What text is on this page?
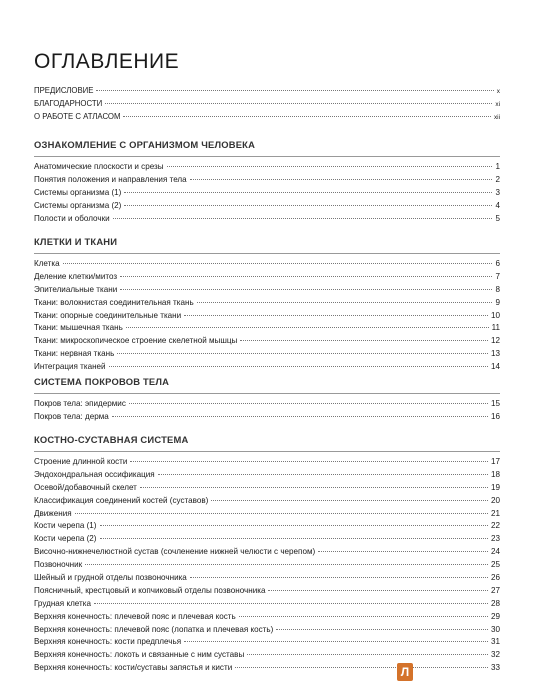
ОГЛАВЛЕНИЕ
ПРЕДИСЛОВИЕ	x
БЛАГОДАРНОСТИ	xi
О РАБОТЕ С АТЛАСОМ	xii
ОЗНАКОМЛЕНИЕ С ОРГАНИЗМОМ ЧЕЛОВЕКА
Анатомические плоскости и срезы	1
Понятия положения и направления тела	2
Системы организма (1)	3
Системы организма (2)	4
Полости и оболочки	5
КЛЕТКИ И ТКАНИ
Клетка	6
Деление клетки/митоз	7
Эпителиальные ткани	8
Ткани: волокнистая соединительная ткань	9
Ткани: опорные соединительные ткани	10
Ткани: мышечная ткань	11
Ткани: микроскопическое строение скелетной мышцы	12
Ткани: нервная ткань	13
Интеграция тканей	14
СИСТЕМА ПОКРОВОВ ТЕЛА
Покров тела: эпидермис	15
Покров тела: дерма	16
КОСТНО-СУСТАВНАЯ СИСТЕМА
Строение длинной кости	17
Эндохондральная оссификация	18
Осевой/добавочный скелет	19
Классификация соединений костей (суставов)	20
Движения	21
Кости черепа (1)	22
Кости черепа (2)	23
Височно-нижнечелюстной сустав (сочленение нижней челюсти с черепом)	24
Позвоночник	25
Шейный и грудной отделы позвоночника	26
Поясничный, крестцовый и копчиковый отделы позвоночника	27
Грудная клетка	28
Верхняя конечность: плечевой пояс и плечевая кость	29
Верхняя конечность: плечевой пояс (лопатка и плечевая кость)	30
Верхняя конечность: кости предплечья	31
Верхняя конечность: локоть и связанные с ним суставы	32
Верхняя конечность: кости/суставы запястья и кисти	33
Л
